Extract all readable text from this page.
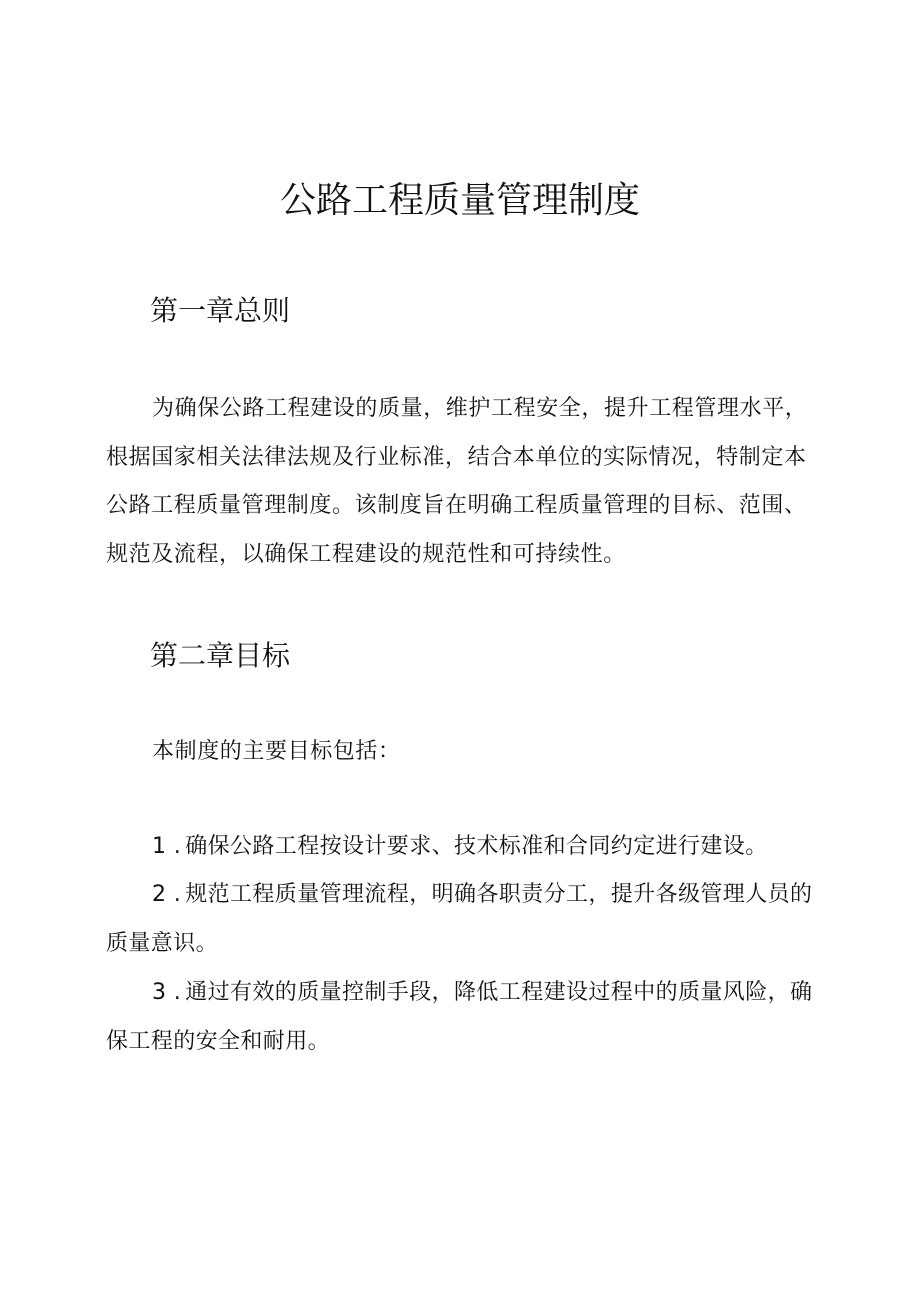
公路工程质量管理制度
第一章总则

为确保公路工程建设的质量，维护工程安全，提升工程管理水平，根据国家相关法律法规及行业标准，结合本单位的实际情况，特制定本公路工程质量管理制度。该制度旨在明确工程质量管理的目标、范围、规范及流程，以确保工程建设的规范性和可持续性。

第二章目标

本制度的主要目标包括：

1 . 确保公路工程按设计要求、技术标准和合同约定进行建设。

2 . 规范工程质量管理流程，明确各职责分工，提升各级管理人员的质量意识。

3 . 通过有效的质量控制手段，降低工程建设过程中的质量风险，确保工程的安全和耐用。
